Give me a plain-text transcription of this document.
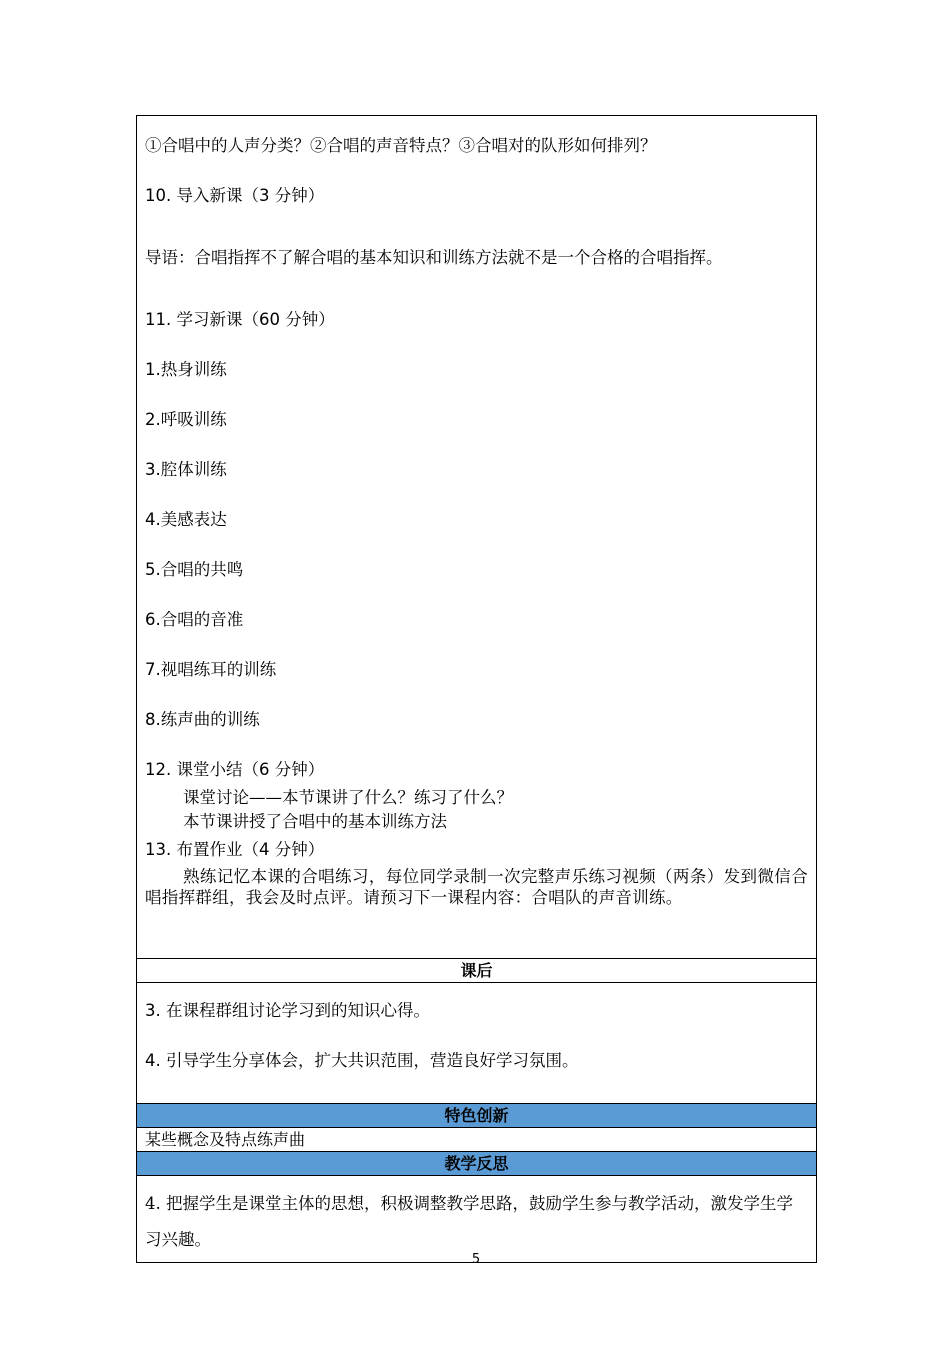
①合唱中的人声分类？②合唱的声音特点？③合唱对的队形如何排列？
10. 导入新课（3 分钟）
导语：合唱指挥不了解合唱的基本知识和训练方法就不是一个合格的合唱指挥。
11. 学习新课（60 分钟）
1.热身训练
2.呼吸训练
3.腔体训练
4.美感表达
5.合唱的共鸣
6.合唱的音准
7.视唱练耳的训练
8.练声曲的训练
12. 课堂小结（6 分钟）
课堂讨论——本节课讲了什么？练习了什么？
本节课讲授了合唱中的基本训练方法
13. 布置作业（4 分钟）
熟练记忆本课的合唱练习，每位同学录制一次完整声乐练习视频（两条）发到微信合唱指挥群组，我会及时点评。请预习下一课程内容：合唱队的声音训练。

课后

3. 在课程群组讨论学习到的知识心得。
4. 引导学生分享体会，扩大共识范围，营造良好学习氛围。

特色创新
某些概念及特点练声曲
教学反思
4. 把握学生是课堂主体的思想，积极调整教学思路，鼓励学生参与教学活动，激发学生学习兴趣。
5
